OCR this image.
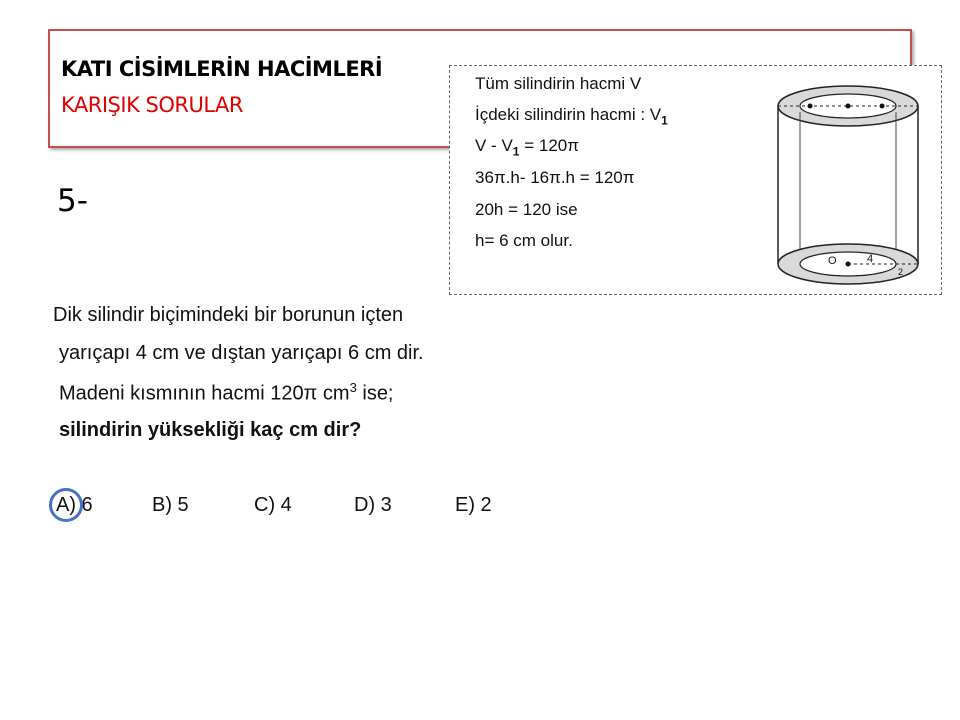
KATI CİSİMLERİN HACİMLERİ
KARIŞIK SORULAR
5-
Tüm silindirin hacmi V
İçdeki silindirin hacmi : $V_1$
$V - V_1 = 120\pi$
36π.h- 16π.h = 120π
20h = 120 ise
h= 6 cm olur.
O	4
2
Dik silindir biçimindeki bir borunun içten
yarıçapı 4 cm ve dıştan yarıçapı 6 cm dir.
Madeni kısmının hacmi 120π $cm^3$ ise;
silindirin yüksekliği kaç cm dir?
A) 6	B) 5	C) 4	D) 3	E) 2
